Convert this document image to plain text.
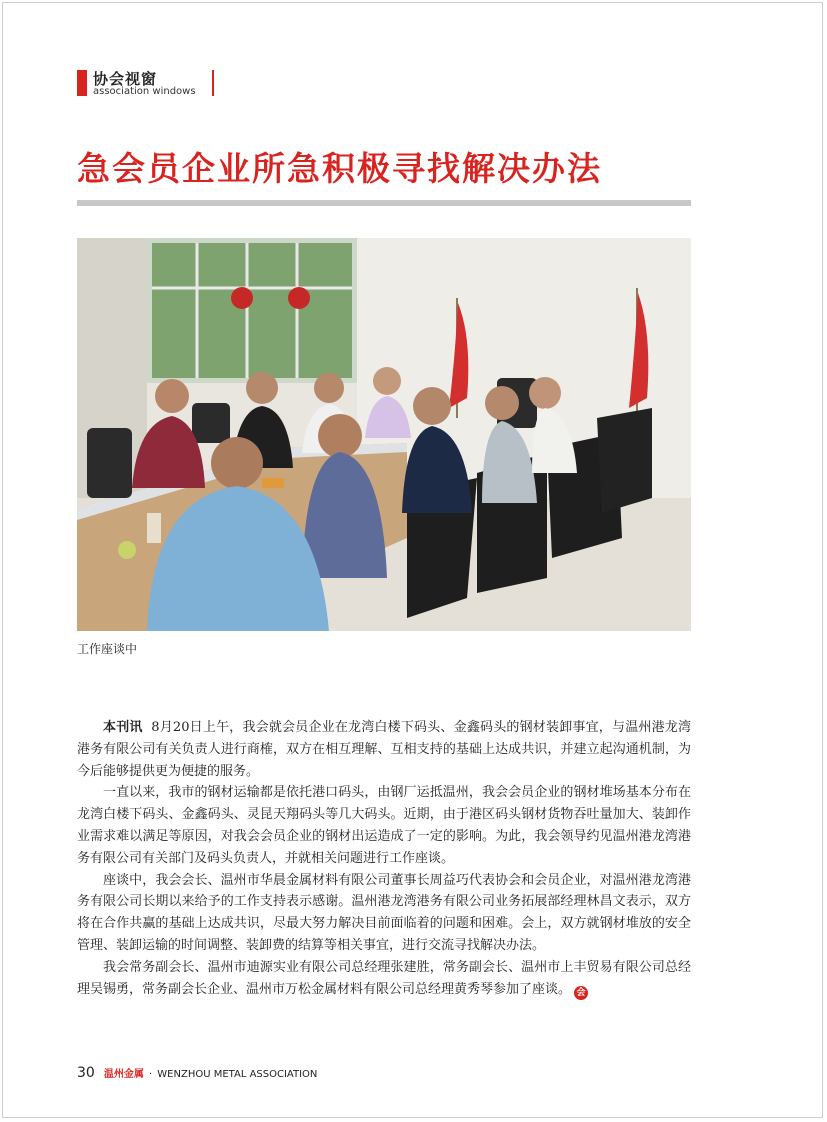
协会视窗
association windows
急会员企业所急积极寻找解决办法
工作座谈中

本刊讯 8月20日上午，我会就会员企业在龙湾白楼下码头、金鑫码头的钢材装卸事宜，与温州港龙湾港务有限公司有关负责人进行商榷，双方在相互理解、互相支持的基础上达成共识，并建立起沟通机制，为今后能够提供更为便捷的服务。

一直以来，我市的钢材运输都是依托港口码头，由钢厂运抵温州，我会会员企业的钢材堆场基本分布在龙湾白楼下码头、金鑫码头、灵昆天翔码头等几大码头。近期，由于港区码头钢材货物吞吐量加大、装卸作业需求难以满足等原因，对我会会员企业的钢材出运造成了一定的影响。为此，我会领导约见温州港龙湾港务有限公司有关部门及码头负责人，并就相关问题进行工作座谈。

座谈中，我会会长、温州市华晨金属材料有限公司董事长周益巧代表协会和会员企业，对温州港龙湾港务有限公司长期以来给予的工作支持表示感谢。温州港龙湾港务有限公司业务拓展部经理林昌文表示，双方将在合作共赢的基础上达成共识，尽最大努力解决目前面临着的问题和困难。会上，双方就钢材堆放的安全管理、装卸运输的时间调整、装卸费的结算等相关事宜，进行交流寻找解决办法。

我会常务副会长、温州市迪源实业有限公司总经理张建胜，常务副会长、温州市上丰贸易有限公司总经理吴锡勇，常务副会长企业、温州市万松金属材料有限公司总经理黄秀琴参加了座谈。 会

30 温州金属 · WENZHOU METAL ASSOCIATION
